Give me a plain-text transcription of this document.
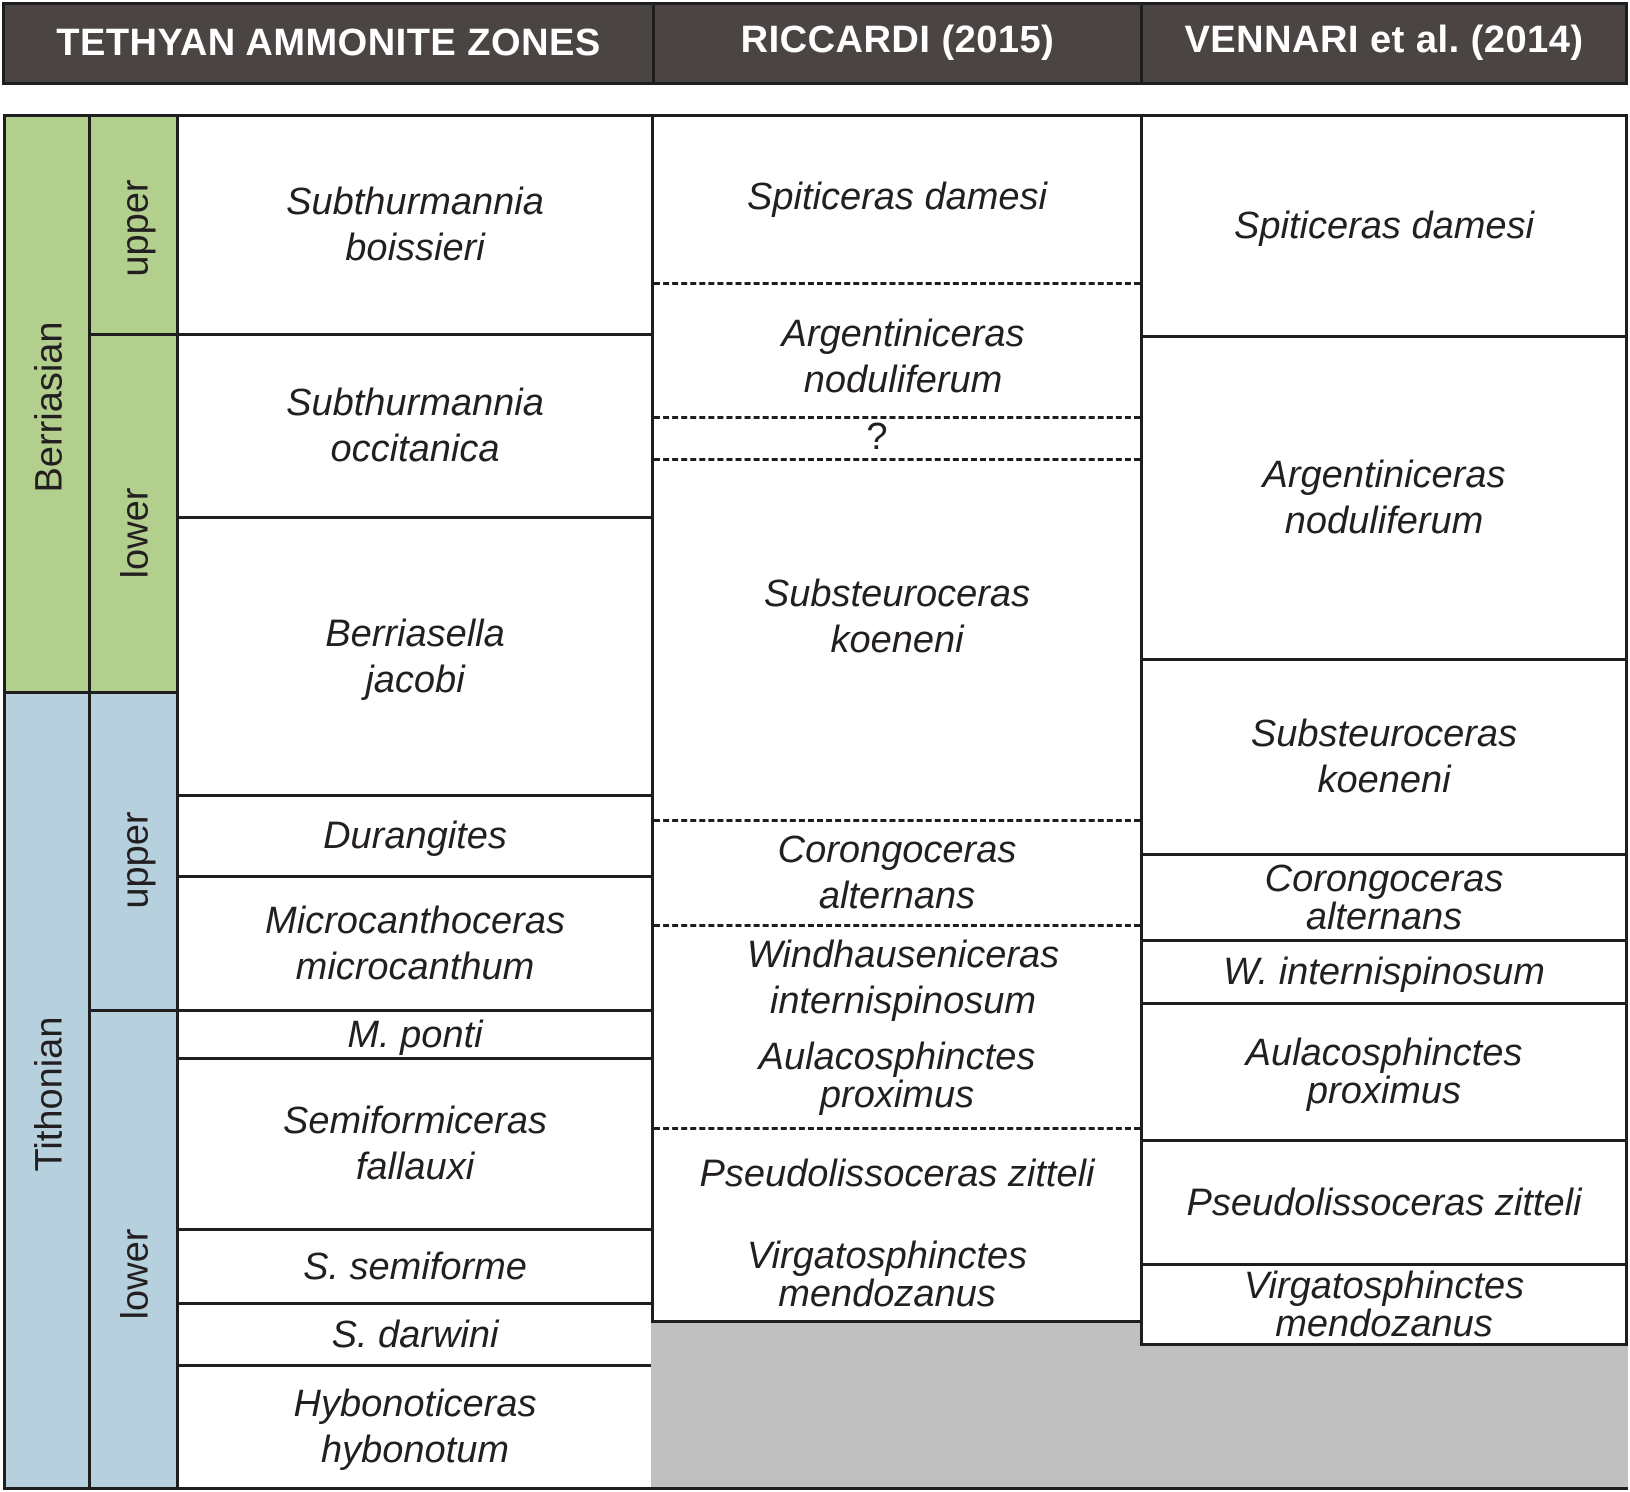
TETHYAN AMMONITE ZONES	RICCARDI (2015)	VENNARI et al. (2014)
Berriasian
Tithonian
upper
lower
upper
lower
Subthurmannia
boissieri
Subthurmannia
occitanica
Berriasella
jacobi
Durangites
Microcanthoceras
microcanthum
M. ponti
Semiformiceras
fallauxi
S. semiforme
S. darwini
Hybonoticeras
hybonotum
Spiticeras damesi
Argentiniceras
noduliferum
?
Substeuroceras
koeneni
Corongoceras
alternans
Windhauseniceras
internispinosum
Aulacosphinctes
proximus
Pseudolissoceras zitteli
Virgatosphinctes
mendozanus
Spiticeras damesi
Argentiniceras
noduliferum
Substeuroceras
koeneni
Corongoceras
alternans
W. internispinosum
Aulacosphinctes
proximus
Pseudolissoceras zitteli
Virgatosphinctes
mendozanus
